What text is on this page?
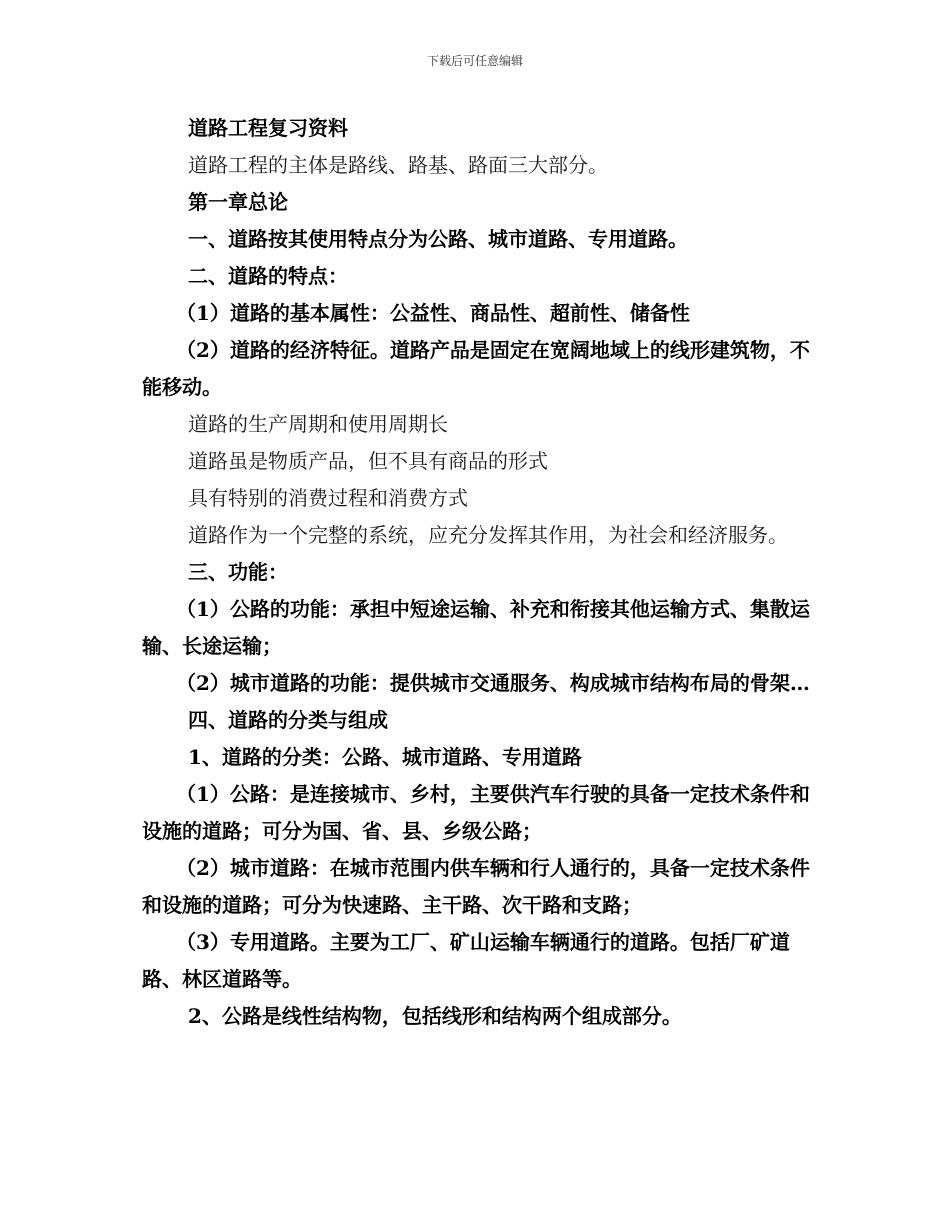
下载后可任意编辑

道路工程复习资料

道路工程的主体是路线、路基、路面三大部分。

第一章总论

一、道路按其使用特点分为公路、城市道路、专用道路。

二、道路的特点：

（1）道路的基本属性：公益性、商品性、超前性、储备性

（2）道路的经济特征。道路产品是固定在宽阔地域上的线形建筑物，不能移动。

道路的生产周期和使用周期长

道路虽是物质产品，但不具有商品的形式

具有特别的消费过程和消费方式

道路作为一个完整的系统，应充分发挥其作用，为社会和经济服务。

三、功能：

（1）公路的功能：承担中短途运输、补充和衔接其他运输方式、集散运输、长途运输；

（2）城市道路的功能：提供城市交通服务、构成城市结构布局的骨架…

四、道路的分类与组成

1、道路的分类：公路、城市道路、专用道路

（1）公路：是连接城市、乡村，主要供汽车行驶的具备一定技术条件和设施的道路；可分为国、省、县、乡级公路；

（2）城市道路：在城市范围内供车辆和行人通行的，具备一定技术条件和设施的道路；可分为快速路、主干路、次干路和支路；

（3）专用道路。主要为工厂、矿山运输车辆通行的道路。包括厂矿道路、林区道路等。

2、公路是线性结构物，包括线形和结构两个组成部分。
